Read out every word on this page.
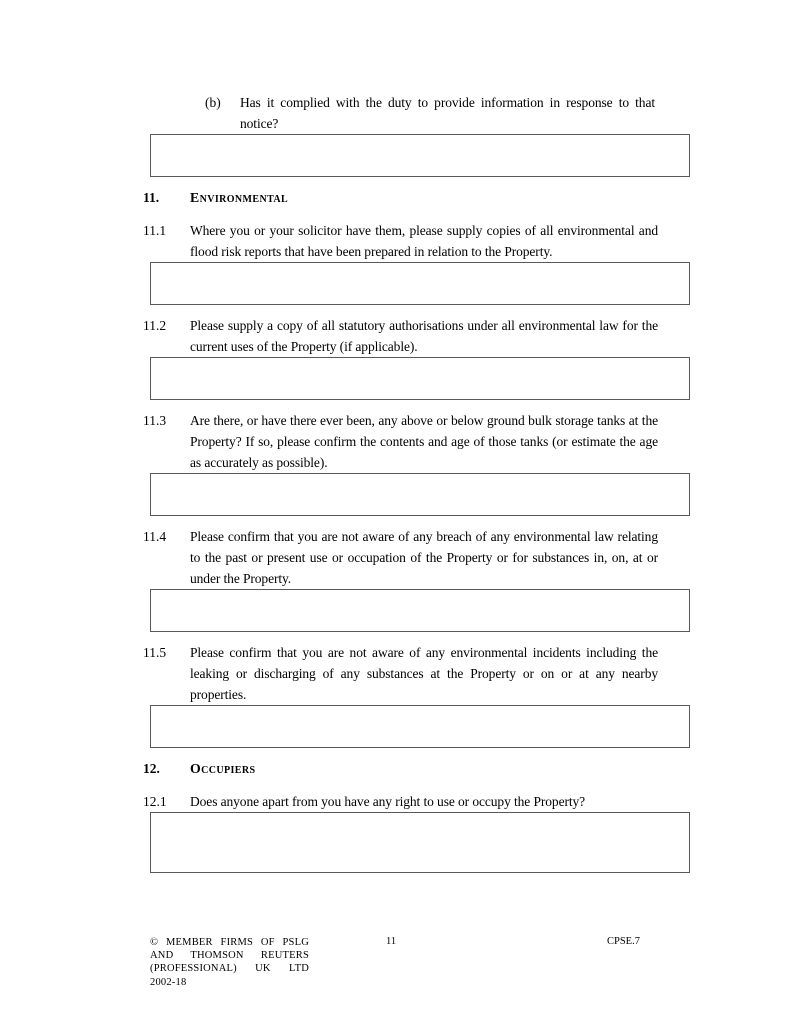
(b)	Has it complied with the duty to provide information in response to that notice?
11.	Environmental
11.1	Where you or your solicitor have them, please supply copies of all environmental and flood risk reports that have been prepared in relation to the Property.
11.2	Please supply a copy of all statutory authorisations under all environmental law for the current uses of the Property (if applicable).
11.3	Are there, or have there ever been, any above or below ground bulk storage tanks at the Property? If so, please confirm the contents and age of those tanks (or estimate the age as accurately as possible).
11.4	Please confirm that you are not aware of any breach of any environmental law relating to the past or present use or occupation of the Property or for substances in, on, at or under the Property.
11.5	Please confirm that you are not aware of any environmental incidents including the leaking or discharging of any substances at the Property or on or at any nearby properties.
12.	Occupiers
12.1	Does anyone apart from you have any right to use or occupy the Property?
© MEMBER FIRMS OF PSLG
AND THOMSON REUTERS
(PROFESSIONAL) UK LTD
2002-18
11	CPSE.7
